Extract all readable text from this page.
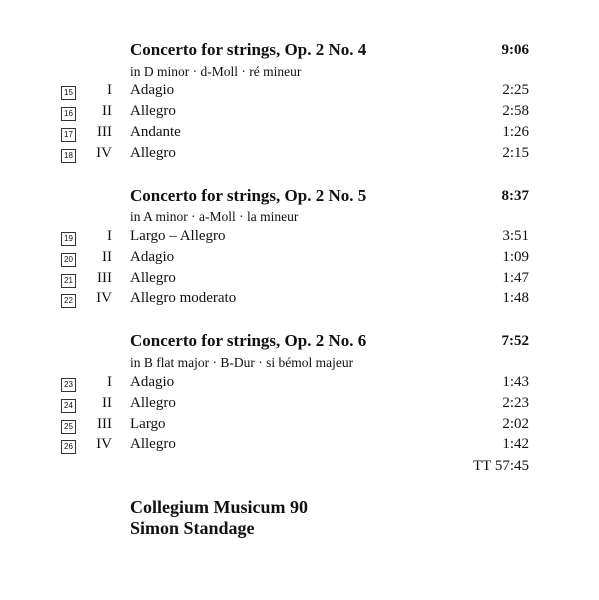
Concerto for strings, Op. 2 No. 4	9:06
in D minor · d-Moll · ré mineur
15 I Adagio	2:25
16 II Allegro	2:58
17 III Andante	1:26
18 IV Allegro	2:15
Concerto for strings, Op. 2 No. 5	8:37
in A minor · a-Moll · la mineur
19 I Largo – Allegro	3:51
20 II Adagio	1:09
21 III Allegro	1:47
22 IV Allegro moderato	1:48
Concerto for strings, Op. 2 No. 6	7:52
in B flat major · B-Dur · si bémol majeur
23 I Adagio	1:43
24 II Allegro	2:23
25 III Largo	2:02
26 IV Allegro	1:42
TT 57:45
Collegium Musicum 90
Simon Standage
